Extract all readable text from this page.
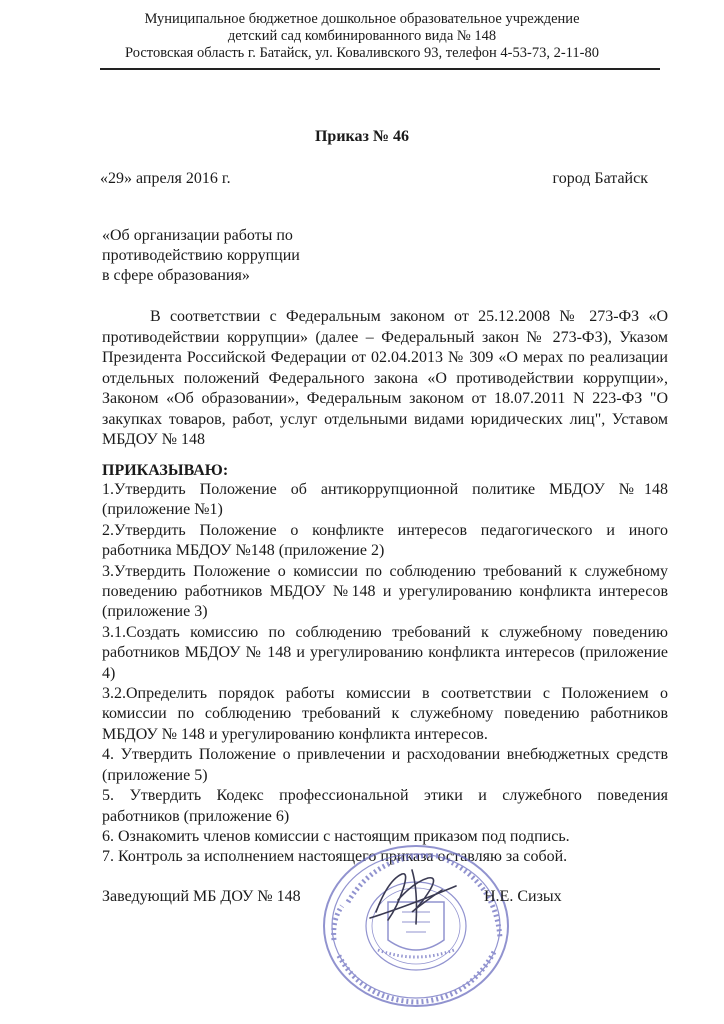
Муниципальное бюджетное дошкольное образовательное учреждение
детский сад комбинированного вида № 148
Ростовская область г. Батайск, ул. Коваливского 93, телефон 4-53-73, 2-11-80
Приказ № 46
«29» апреля 2016 г.	город Батайск
«Об организации работы по
противодействию коррупции
в сфере образования»
В соответствии с Федеральным законом от 25.12.2008 № 273-ФЗ «О противодействии коррупции» (далее – Федеральный закон № 273-ФЗ), Указом Президента Российской Федерации от 02.04.2013 № 309 «О мерах по реализации отдельных положений Федерального закона «О противодействии коррупции», Законом «Об образовании», Федеральным законом от 18.07.2011 N 223-ФЗ "О закупках товаров, работ, услуг отдельными видами юридических лиц", Уставом МБДОУ № 148
ПРИКАЗЫВАЮ:

1.Утвердить Положение об антикоррупционной политике МБДОУ №148 (приложение №1)

2.Утвердить Положение о конфликте интересов педагогического и иного работника МБДОУ №148 (приложение 2)

3.Утвердить Положение о комиссии по соблюдению требований к служебному поведению работников МБДОУ №148 и урегулированию конфликта интересов (приложение 3)

3.1.Создать комиссию по соблюдению требований к служебному поведению работников МБДОУ № 148 и урегулированию конфликта интересов (приложение 4)

3.2.Определить порядок работы комиссии в соответствии с Положением о комиссии по соблюдению требований к служебному поведению работников МБДОУ № 148 и урегулированию конфликта интересов.

4. Утвердить Положение о привлечении и расходовании внебюджетных средств (приложение 5)

5. Утвердить Кодекс профессиональной этики и служебного поведения работников (приложение 6)

6. Ознакомить членов комиссии с настоящим приказом под подпись.

7. Контроль за исполнением настоящего приказа оставляю за собой.

Заведующий МБ ДОУ № 148	Н.Е. Сизых
